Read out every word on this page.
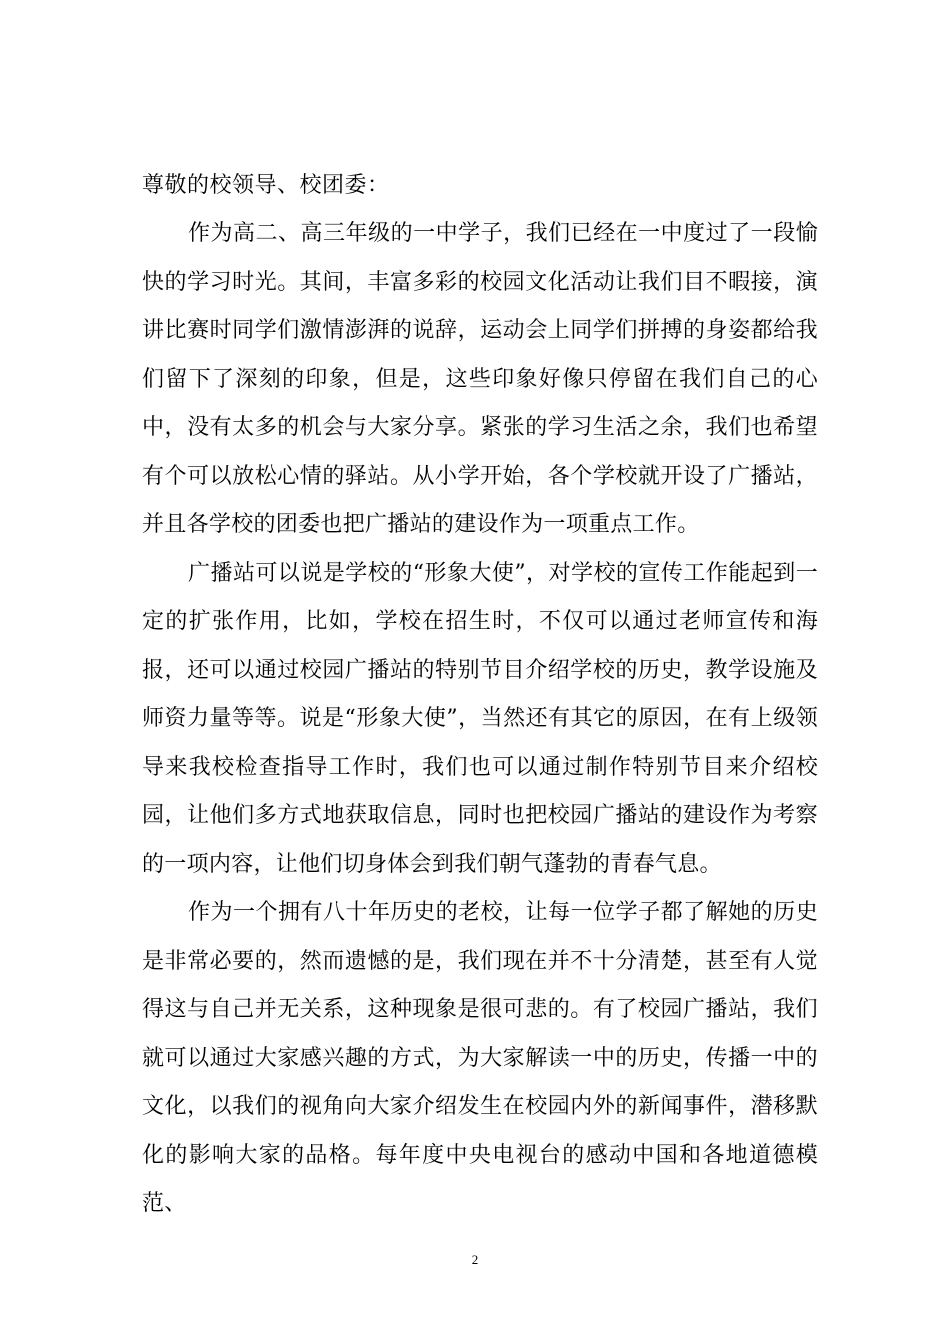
尊敬的校领导、校团委：

作为高二、高三年级的一中学子，我们已经在一中度过了一段愉快的学习时光。其间，丰富多彩的校园文化活动让我们目不暇接，演讲比赛时同学们激情澎湃的说辞，运动会上同学们拼搏的身姿都给我们留下了深刻的印象，但是，这些印象好像只停留在我们自己的心中，没有太多的机会与大家分享。紧张的学习生活之余，我们也希望有个可以放松心情的驿站。从小学开始，各个学校就开设了广播站，并且各学校的团委也把广播站的建设作为一项重点工作。

广播站可以说是学校的“形象大使”，对学校的宣传工作能起到一定的扩张作用，比如，学校在招生时，不仅可以通过老师宣传和海报，还可以通过校园广播站的特别节目介绍学校的历史，教学设施及师资力量等等。说是“形象大使”，当然还有其它的原因，在有上级领导来我校检查指导工作时，我们也可以通过制作特别节目来介绍校园，让他们多方式地获取信息，同时也把校园广播站的建设作为考察的一项内容，让他们切身体会到我们朝气蓬勃的青春气息。

作为一个拥有八十年历史的老校，让每一位学子都了解她的历史是非常必要的，然而遗憾的是，我们现在并不十分清楚，甚至有人觉得这与自己并无关系，这种现象是很可悲的。有了校园广播站，我们就可以通过大家感兴趣的方式，为大家解读一中的历史，传播一中的文化，以我们的视角向大家介绍发生在校园内外的新闻事件，潜移默化的影响大家的品格。每年度中央电视台的感动中国和各地道德模范、

2
